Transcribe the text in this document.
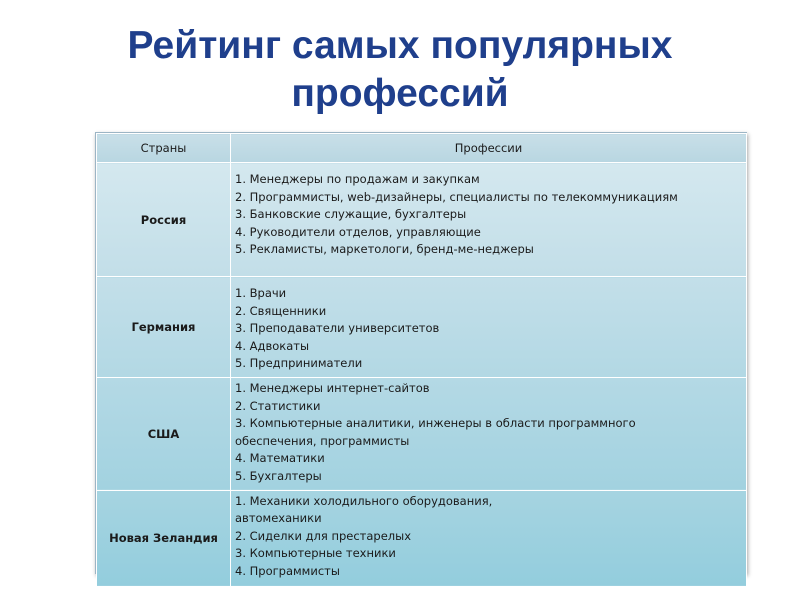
Рейтинг самых популярных
профессий
Страны	Профессии
Россия	1. Менеджеры по продажам и закупкам
2. Программисты, web-дизайнеры, специалисты по телекоммуникациям
3. Банковские служащие, бухгалтеры
4. Руководители отделов, управляющие
5. Рекламисты, маркетологи, бренд-ме-неджеры

Германия	1. Врачи
2. Священники
3. Преподаватели университетов
4. Адвокаты
5. Предприниматели

США	1. Менеджеры интернет-сайтов
2. Статистики
3. Компьютерные аналитики, инженеры в области программного обеспечения, программисты
4. Математики
5. Бухгалтеры

Новая Зеландия	1. Механики холодильного оборудования, автомеханики
2. Сиделки для престарелых
3. Компьютерные техники
4. Программисты
